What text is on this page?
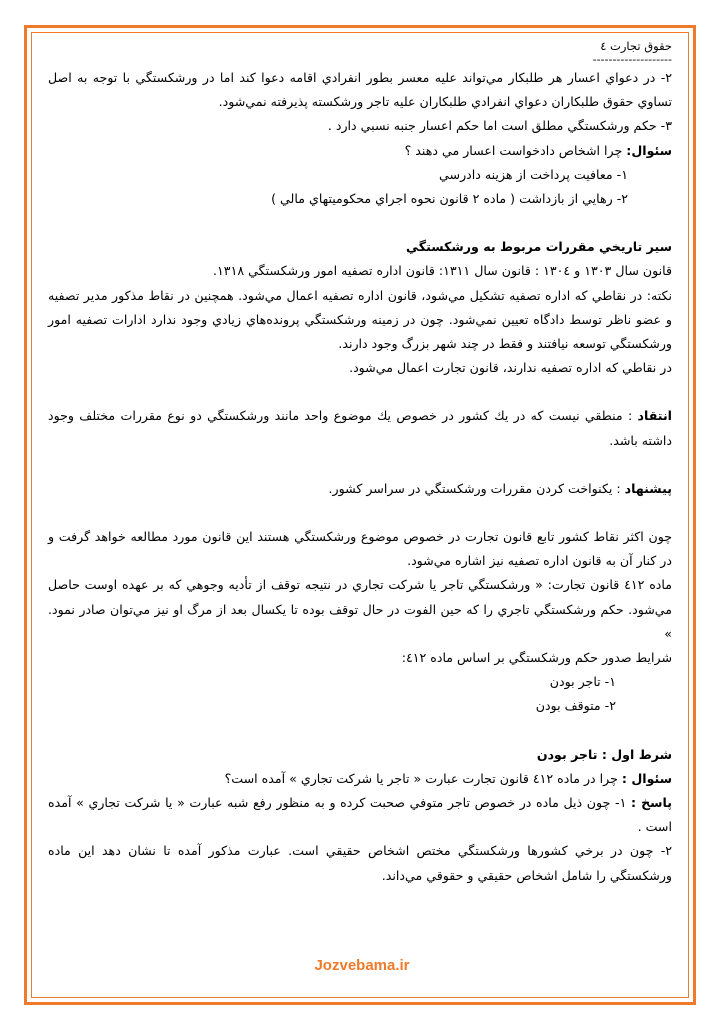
حقوق تجارت ٤

--------------------

٢- در دعواي اعسار هر طلبكار مي‌تواند عليه معسر بطور انفرادي اقامه دعوا كند اما در ورشكستگي با توجه به اصل تساوي حقوق طلبكاران دعواي انفرادي طلبكاران عليه تاجر ورشكسته پذيرفته نمي‌شود.

٣- حكم ورشكستگي مطلق است اما حكم اعسار جنبه نسبي دارد .

سئوال: چرا اشخاص دادخواست اعسار مي دهند ؟

١- معافيت پرداخت از هزينه دادرسي

٢- رهايي از بازداشت ( ماده ٢ قانون نحوه اجراي محكوميتهاي مالي )

سير تاريخي مقررات مربوط به ورشكستگي

قانون سال ١٣٠٣ و ١٣٠٤ : قانون سال ١٣١١: قانون اداره تصفيه امور ورشكستگي ١٣١٨.

نكته: در نقاطي كه اداره تصفيه تشكيل مي‌شود، قانون اداره تصفيه اعمال مي‌شود. همچنين در نقاط مذكور مدير تصفيه و عضو ناظر توسط دادگاه تعيين نمي‌شود. چون در زمينه ورشكستگي پرونده‌هاي زيادي وجود ندارد ادارات تصفيه امور ورشكستگي توسعه نيافتند و فقط در چند شهر بزرگ وجود دارند.

در نقاطي كه اداره تصفيه ندارند، قانون تجارت اعمال مي‌شود.

انتقاد : منطقي نيست كه در يك كشور در خصوص يك موضوع واحد مانند ورشكستگي دو نوع مقررات مختلف وجود داشته باشد.

پيشنهاد : يكنواخت كردن مقررات ورشكستگي در سراسر كشور.

چون اكثر نقاط كشور تابع قانون تجارت در خصوص موضوع ورشكستگي هستند اين قانون مورد مطالعه خواهد گرفت و در كنار آن به قانون اداره تصفيه نيز اشاره مي‌شود.

ماده ٤١٢ قانون تجارت: « ورشكستگي تاجر يا شركت تجاري در نتيجه توقف از تأديه وجوهي كه بر عهده اوست حاصل مي‌شود. حكم ورشكستگي تاجري را كه حين الفوت در حال توقف بوده تا يكسال بعد از مرگ او نيز مي‌توان صادر نمود. »

شرايط صدور حكم ورشكستگي بر اساس ماده ٤١٢:

١- تاجر بودن

٢- متوقف بودن

شرط اول : تاجر بودن

سئوال : چرا در ماده ٤١٢ قانون تجارت عبارت « تاجر يا شركت تجاري » آمده است؟

پاسخ : ١- چون ذيل ماده در خصوص تاجر متوفي صحبت كرده و به منظور رفع شبه عبارت « يا شركت تجاري » آمده است .

٢- چون در برخي كشورها ورشكستگي مختص اشخاص حقيقي است. عبارت مذكور آمده تا نشان دهد اين ماده ورشكستگي را شامل اشخاص حقيقي و حقوقي مي‌داند.

Jozvebama.ir
